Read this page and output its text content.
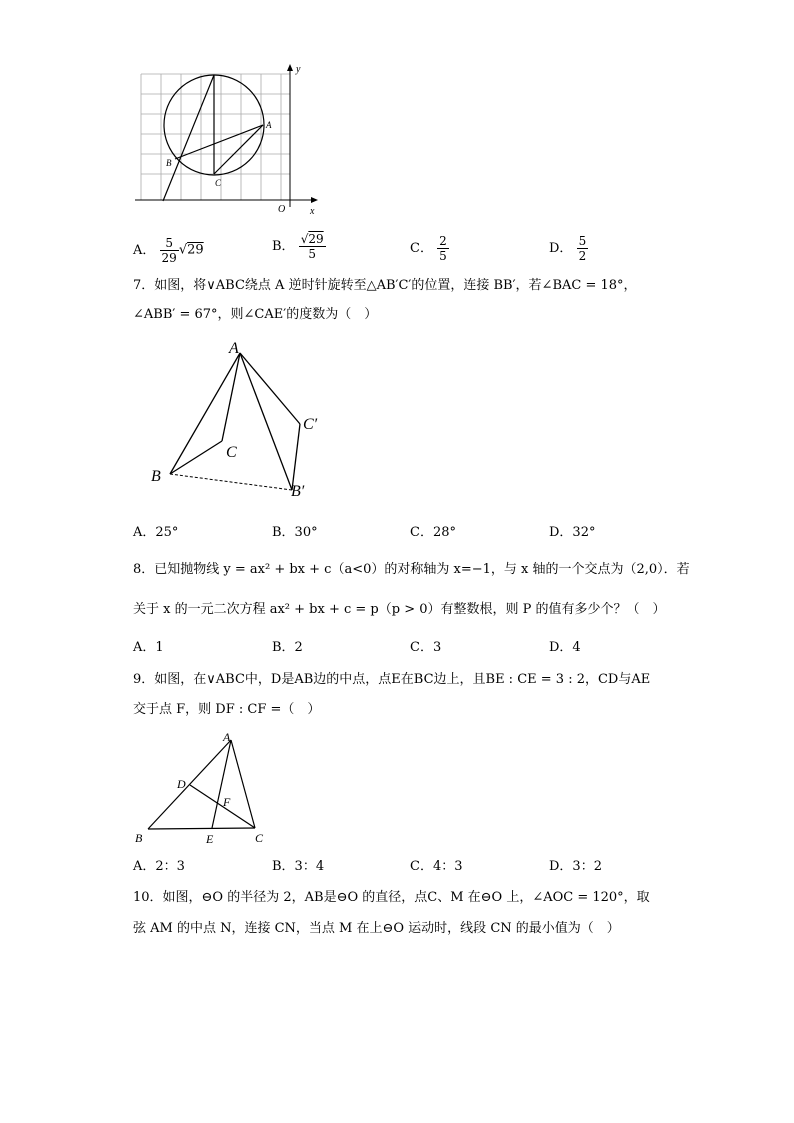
y
x
O
A
B
C
A． $\frac{5}{29} √29$	B． $\frac{√29}{5}$	C． $\frac{2}{5}$	D． $\frac{5}{2}$
7．如图，将∨ABC绕点 A 逆时针旋转至△AB′C′的位置，连接 BB′，若∠BAC = 18°，
∠ABB′ = 67°，则∠CAE′的度数为（　）
A
B
C
B′
C′
A．25°	B．30°	C．28°	D．32°
8．已知抛物线 y = ax² + bx + c（a<0）的对称轴为 x=−1，与 x 轴的一个交点为（2,0）．若
关于 x 的一元二次方程 ax² + bx + c = p（p > 0）有整数根，则 P 的值有多少个？（　）
A．1	B．2	C．3	D．4
9．如图，在∨ABC中，D是AB边的中点，点E在BC边上，且BE : CE = 3 : 2，CD与AE
交于点 F，则 DF : CF =（　）
A
B	C
D
E
F
A．2：3	B．3：4	C．4：3	D．3：2
10．如图，⊖O 的半径为 2，AB是⊖O 的直径，点C、M 在⊖O 上，∠AOC = 120°，取
弦 AM 的中点 N，连接 CN，当点 M 在上⊖O 运动时，线段 CN 的最小值为（　）
